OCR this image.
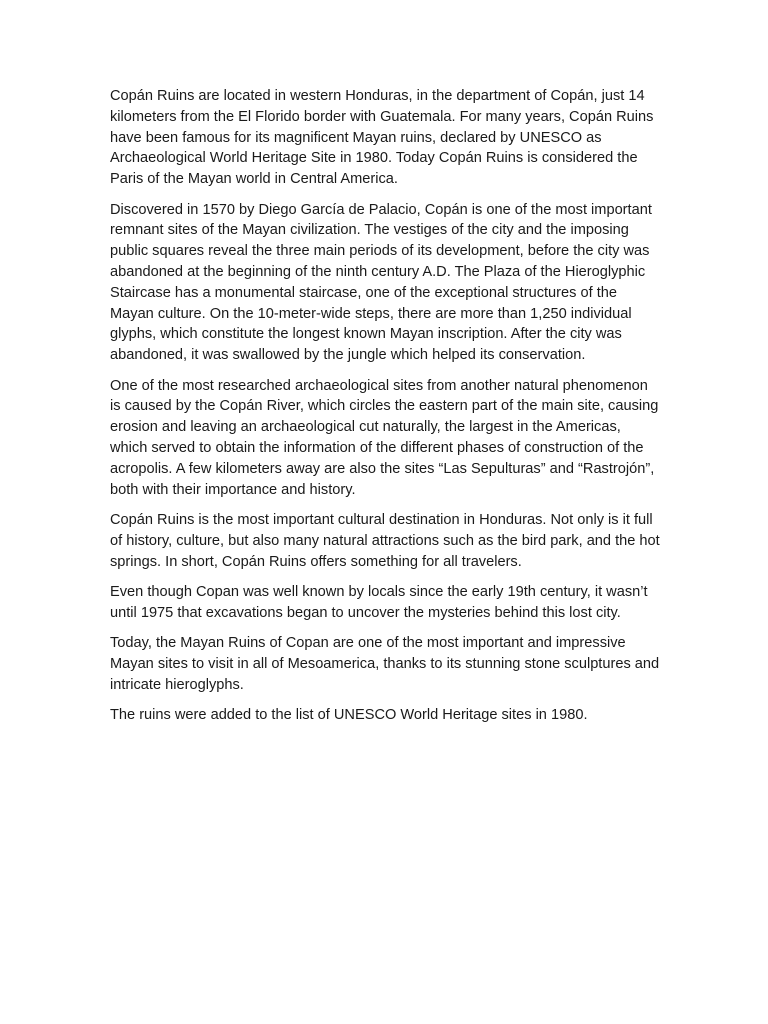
Copán Ruins are located in western Honduras, in the department of Copán, just 14 kilometers from the El Florido border with Guatemala. For many years, Copán Ruins have been famous for its magnificent Mayan ruins, declared by UNESCO as Archaeological World Heritage Site in 1980. Today Copán Ruins is considered the Paris of the Mayan world in Central America.

Discovered in 1570 by Diego García de Palacio, Copán is one of the most important remnant sites of the Mayan civilization. The vestiges of the city and the imposing public squares reveal the three main periods of its development, before the city was abandoned at the beginning of the ninth century A.D. The Plaza of the Hieroglyphic Staircase has a monumental staircase, one of the exceptional structures of the Mayan culture. On the 10-meter-wide steps, there are more than 1,250 individual glyphs, which constitute the longest known Mayan inscription. After the city was abandoned, it was swallowed by the jungle which helped its conservation.

One of the most researched archaeological sites from another natural phenomenon is caused by the Copán River, which circles the eastern part of the main site, causing erosion and leaving an archaeological cut naturally, the largest in the Americas, which served to obtain the information of the different phases of construction of the acropolis. A few kilometers away are also the sites “Las Sepulturas” and “Rastrojón”, both with their importance and history.

Copán Ruins is the most important cultural destination in Honduras. Not only is it full of history, culture, but also many natural attractions such as the bird park, and the hot springs. In short, Copán Ruins offers something for all travelers.

Even though Copan was well known by locals since the early 19th century, it wasn’t until 1975 that excavations began to uncover the mysteries behind this lost city.

Today, the Mayan Ruins of Copan are one of the most important and impressive Mayan sites to visit in all of Mesoamerica, thanks to its stunning stone sculptures and intricate hieroglyphs.

The ruins were added to the list of UNESCO World Heritage sites in 1980.
